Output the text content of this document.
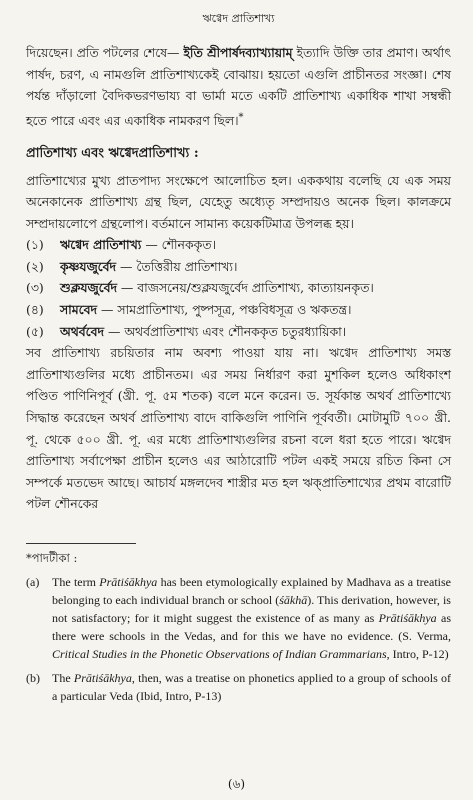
ঋগ্বেদ প্রাতিশাখ্য

দিয়েছেন। প্রতি পটলের শেষে— ইতি শ্রীপার্ষদব্যাখ্যায়াম্ ইত্যাদি উক্তি তার প্রমাণ। অর্থাৎ পার্ষদ, চরণ, এ নামগুলি প্রাতিশাখ্যকেই বোঝায়। হয়তো এগুলি প্রাচীনতর সংজ্ঞা। শেষ পর্যন্ত দাঁড়ালো বৈদিকভরণভায্য বা ভার্মা মতে একটি প্রাতিশাখ্য একাধিক শাখা সম্বন্ধী হতে পারে এবং এর একাধিক নামকরণ ছিল।*

প্রাতিশাখ্য এবং ঋগ্বেদপ্রাতিশাখ্য :

প্রাতিশাখ্যের মুখ্য প্রাতপাদ্য সংক্ষেপে আলোচিত হল। এককথায় বলেছি যে এক সময় অনেকানেক প্রাতিশাখ্য গ্রন্থ ছিল, যেহেতু অধ্যেতৃ সম্প্রদায়ও অনেক ছিল। কালক্রমে সম্প্রদায়লোপে গ্রন্থলোপ। বর্তমানে সামান্য কয়েকটিমাত্র উপলব্ধ হয়।

(১) ঋগ্বেদ প্রাতিশাখ্য — শৌনককৃত।
(২) কৃষ্ণযজুর্বেদ — তৈত্তিরীয় প্রাতিশাখ্য।
(৩) শুক্লযজুর্বেদ — বাজসনেয়/শুক্লযজুর্বেদ প্রাতিশাখ্য, কাত্যায়নকৃত।
(৪) সামবেদ — সামপ্রাতিশাখ্য, পুষ্পসূত্র, পঞ্চবিধসূত্র ও ঋকতন্ত্র।
(৫) অথর্ববেদ — অথর্বপ্রাতিশাখ্য এবং শৌনককৃত চতুরধ্যায়িকা।

সব প্রাতিশাখ্য রচয়িতার নাম অবশ্য পাওয়া যায় না। ঋগ্বেদ প্রাতিশাখ্য সমস্ত প্রাতিশাখ্যগুলির মধ্যে প্রাচীনতম। এর সময় নির্ধারণ করা মুশকিল হলেও অধিকাংশ পণ্ডিত পাণিনিপূর্ব (খ্রী. পূ. ৫ম শতক) বলে মনে করেন। ড. সূর্যকান্ত অথর্ব প্রাতিশাখ্যে সিদ্ধান্ত করেছেন অথর্ব প্রাতিশাখ্য বাদে বাকিগুলি পাণিনি পূর্ববর্তী। মোটামুটি ৭০০ খ্রী. পূ. থেকে ৫০০ খ্রী. পূ. এর মধ্যে প্রাতিশাখ্যগুলির রচনা বলে ধরা হতে পারে। ঋগ্বেদ প্রাতিশাখ্য সর্বাপেক্ষা প্রাচীন হলেও এর আঠারোটি পটল একই সময়ে রচিত কিনা সে সম্পর্কে মতভেদ আছে। আচার্য মঙ্গলদেব শাস্ত্রীর মত হল ঋক্প্রাতিশাখ্যের প্রথম বারোটি পটল শৌনকের

*পাদটীকা :

(a) The term Prātiśākhya has been etymologically explained by Madhava as a treatise belonging to each individual branch or school (śākhā). This derivation, however, is not satisfactory; for it might suggest the existence of as many as Prātiśākhya as there were schools in the Vedas, and for this we have no evidence. (S. Verma, Critical Studies in the Phonetic Observations of Indian Grammarians, Intro, P-12)

(b) The Prātiśākhya, then, was a treatise on phonetics applied to a group of schools of a particular Veda (Ibid, Intro, P-13)

(৬)
